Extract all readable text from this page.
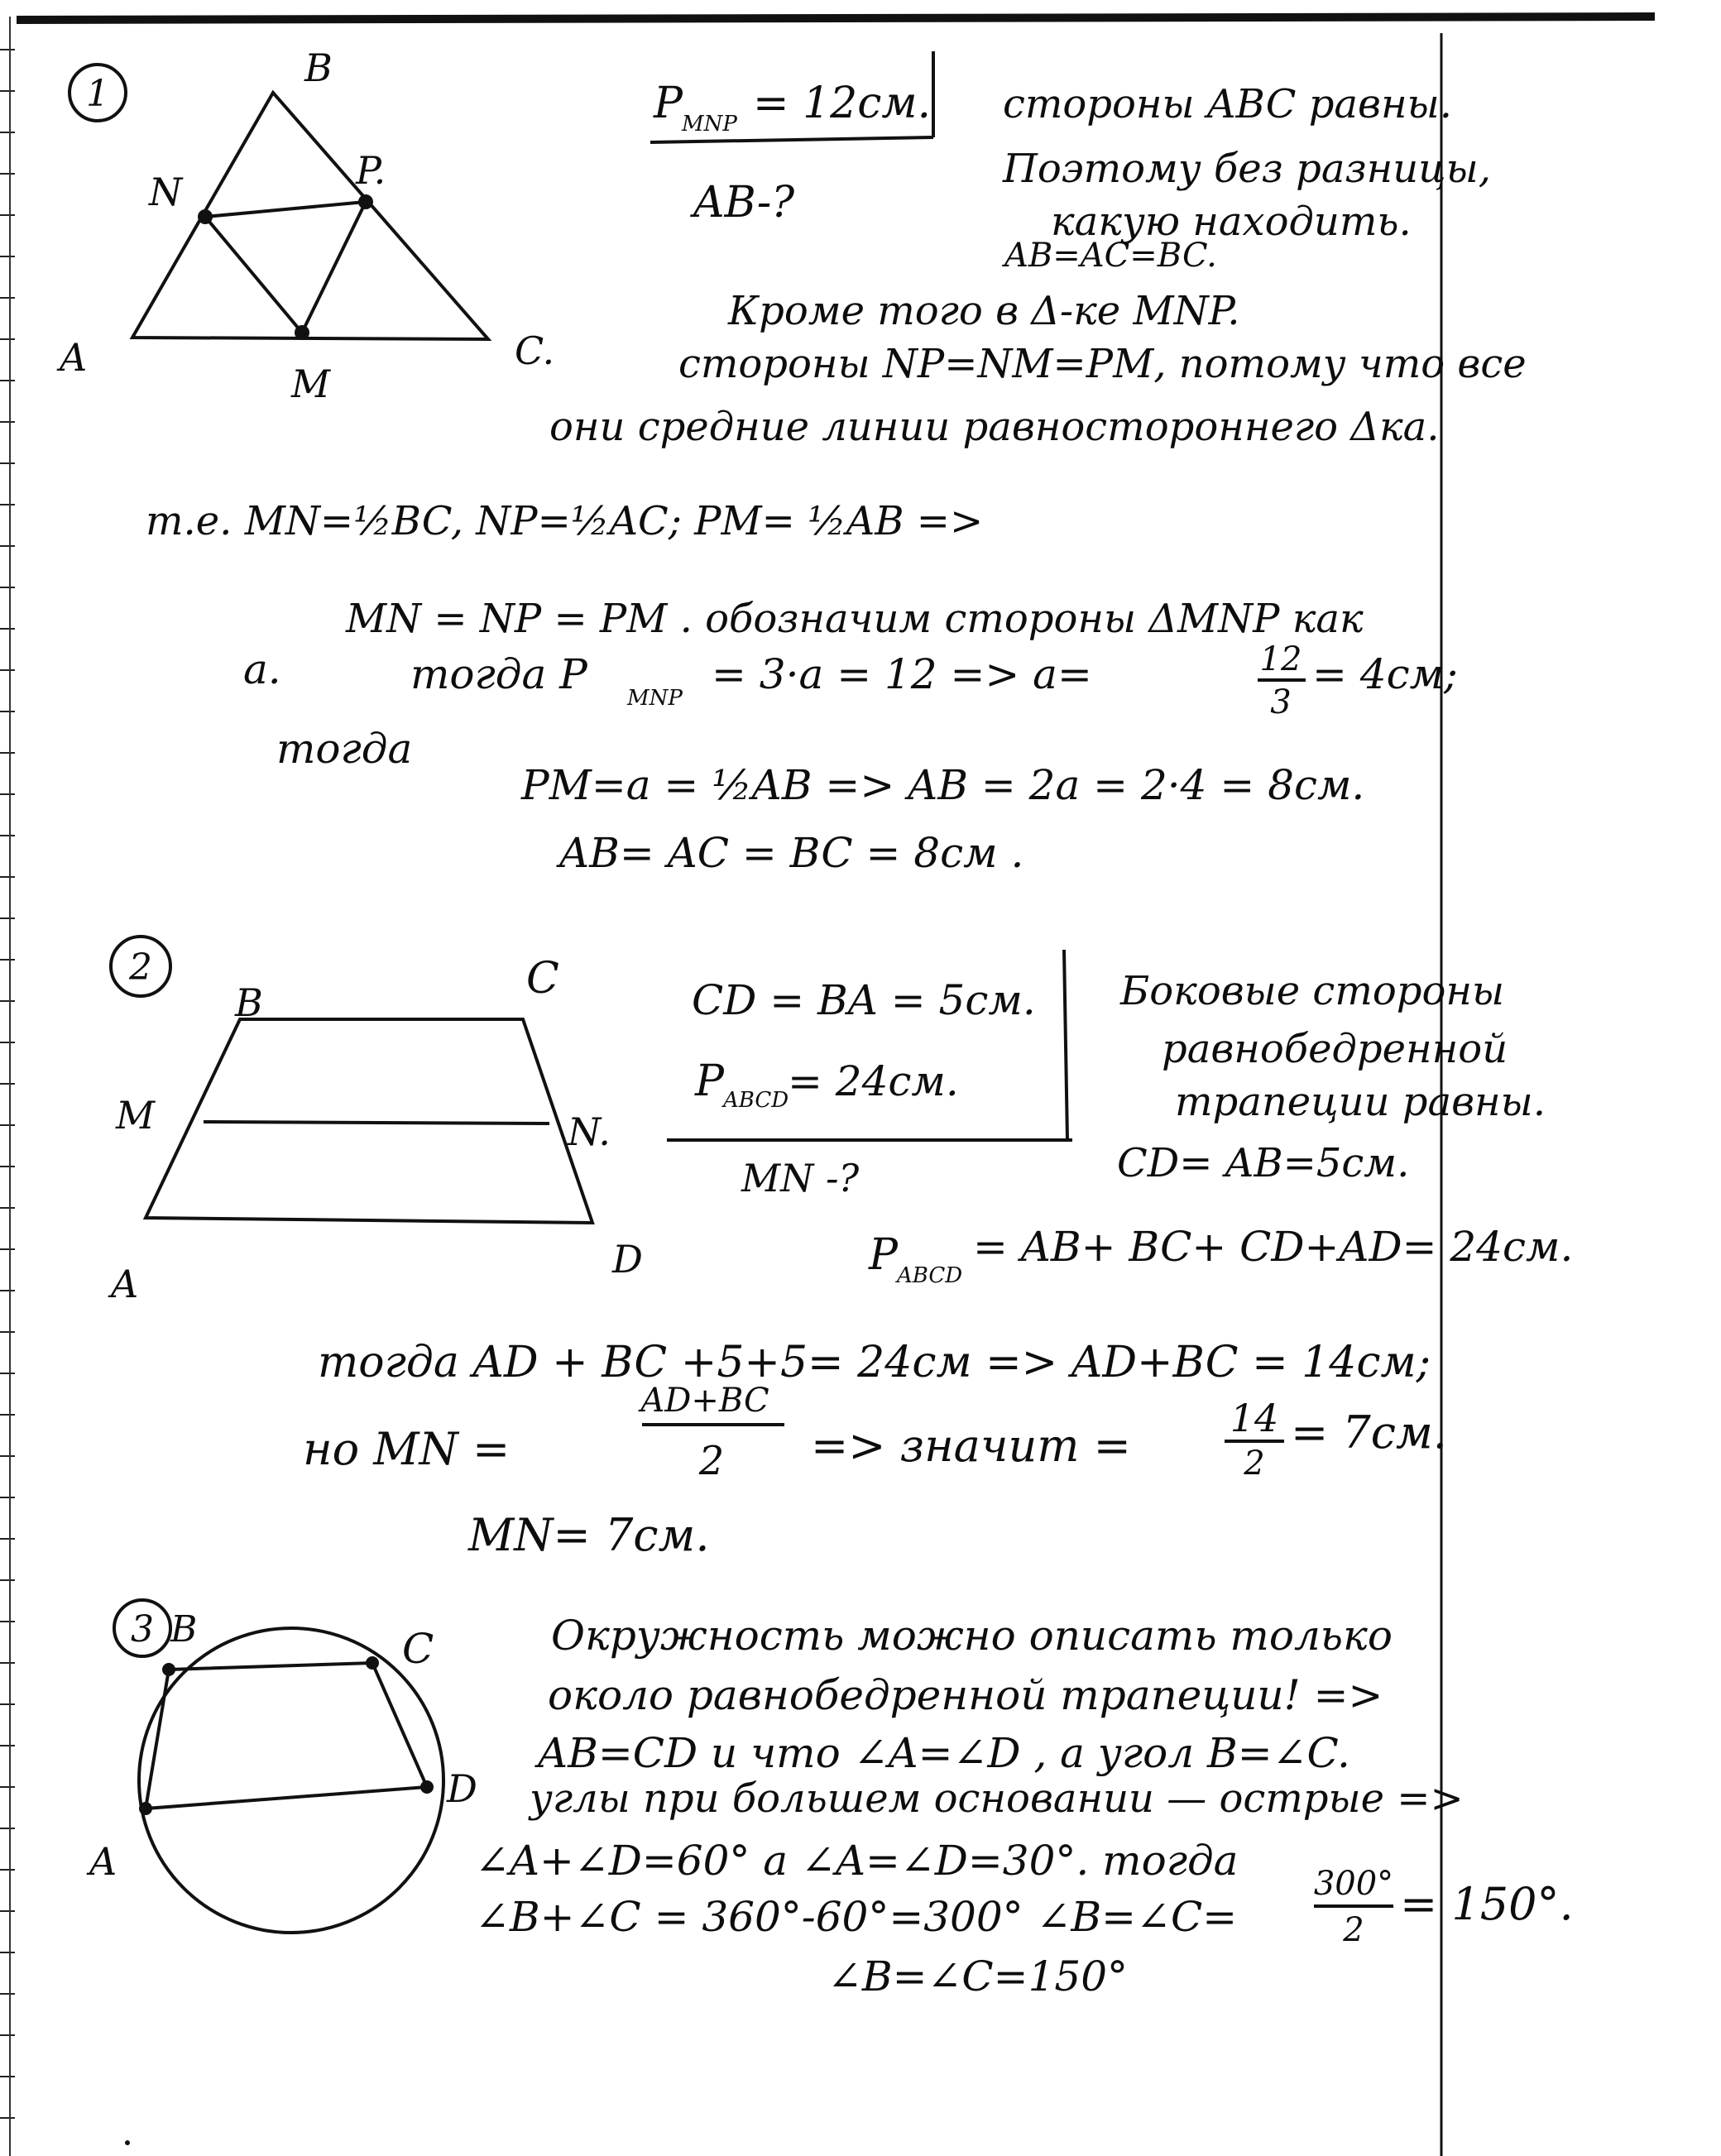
1
B
N	P.
A
M
C.
P MNP = 12см.
AB-?
стороны ABC равны.
Поэтому без разницы,
какую находить.
AB=AC=BC.
Кроме того в Δ-ке MNP.
стороны NP=NM=PM, потому что все
они средние линии равностороннего Δка.
т.е. MN=½BC, NP=½AC; PM= ½AB =>
MN = NP = PM . обозначим стороны ΔMNP как
a.	тогда P MNP = 3·a = 12 => a=	12
3
= 4см;
тогда
PM=a = ½AB => AB = 2a = 2·4 = 8см.
AB= AC = BC = 8см .
2
B	C
M	N.
A
D
CD = BA = 5см.
P ABCD
= 24см.
MN -?
Боковые стороны
равнобедренной
трапеции равны.
CD= AB=5см.
P ABCD
= AB+ BC+ CD+AD= 24см.
тогда AD + BC +5+5= 24см => AD+BC = 14см;
но MN =
AD+BC
2 => значит =
14
2
= 7см.
MN= 7см.
3 B	C
D
A
Окружность можно описать только
около равнобедренной трапеции! =>
AB=CD и что ∠A=∠D , а угол B=∠C.
углы при большем основании — острые =>
∠A+∠D=60° а ∠A=∠D=30°. тогда
∠B+∠C = 360°-60°=300° ∠B=∠C=
300°
2 = 150°.
∠B=∠C=150°
